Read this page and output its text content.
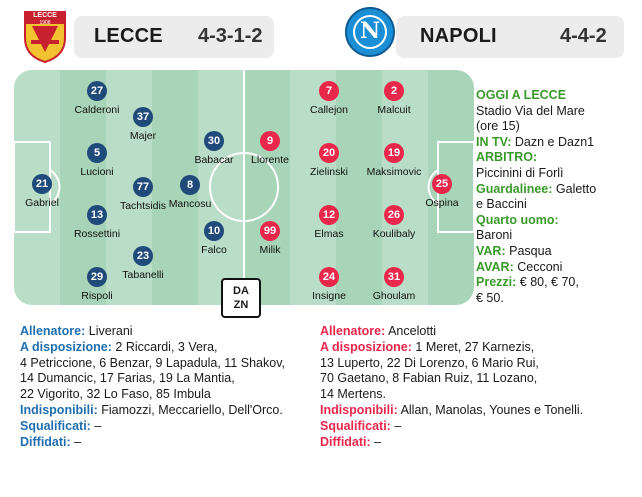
LECCE 4-3-1-2
LECCE
1908
NAPOLI	4-4-2
N
21
Gabriel
27
Calderoni
5
Lucioni
13
Rossettini
29
Rispoli
37
Majer
77
Tachtsidis
23
Tabanelli
8
Mancosu
30
Babacar
10
Falco
7
Callejon
20
Zielinski
12
Elmas
24
Insigne
2
Malcuit
19
Maksimovic
26
Koulibaly
31
Ghoulam
25
Ospina
9
Llorente
99
Milik
DA
ZN
OGGI A LECCE
Stadio Via del Mare
(ore 15)
IN TV: Dazn e Dazn1
ARBITRO:
Piccinini di Forlì
Guardalinee: Galetto
e Baccini
Quarto uomo:
Baroni
VAR: Pasqua
AVAR: Cecconi
Prezzi: € 80, € 70,
€ 50.
Allenatore: Liverani
A disposizione: 2 Riccardi, 3 Vera,
4 Petriccione, 6 Benzar, 9 Lapadula, 11 Shakov,
14 Dumancic, 17 Farias, 19 La Mantia,
22 Vigorito, 32 Lo Faso, 85 Imbula
Indisponibili: Fiamozzi, Meccariello, Dell'Orco.
Squalificati: –
Diffidati: –
Allenatore: Ancelotti
A disposizione: 1 Meret, 27 Karnezis,
13 Luperto, 22 Di Lorenzo, 6 Mario Rui,
70 Gaetano, 8 Fabian Ruiz, 11 Lozano,
14 Mertens.
Indisponibili: Allan, Manolas, Younes e Tonelli.
Squalificati: –
Diffidati: –
